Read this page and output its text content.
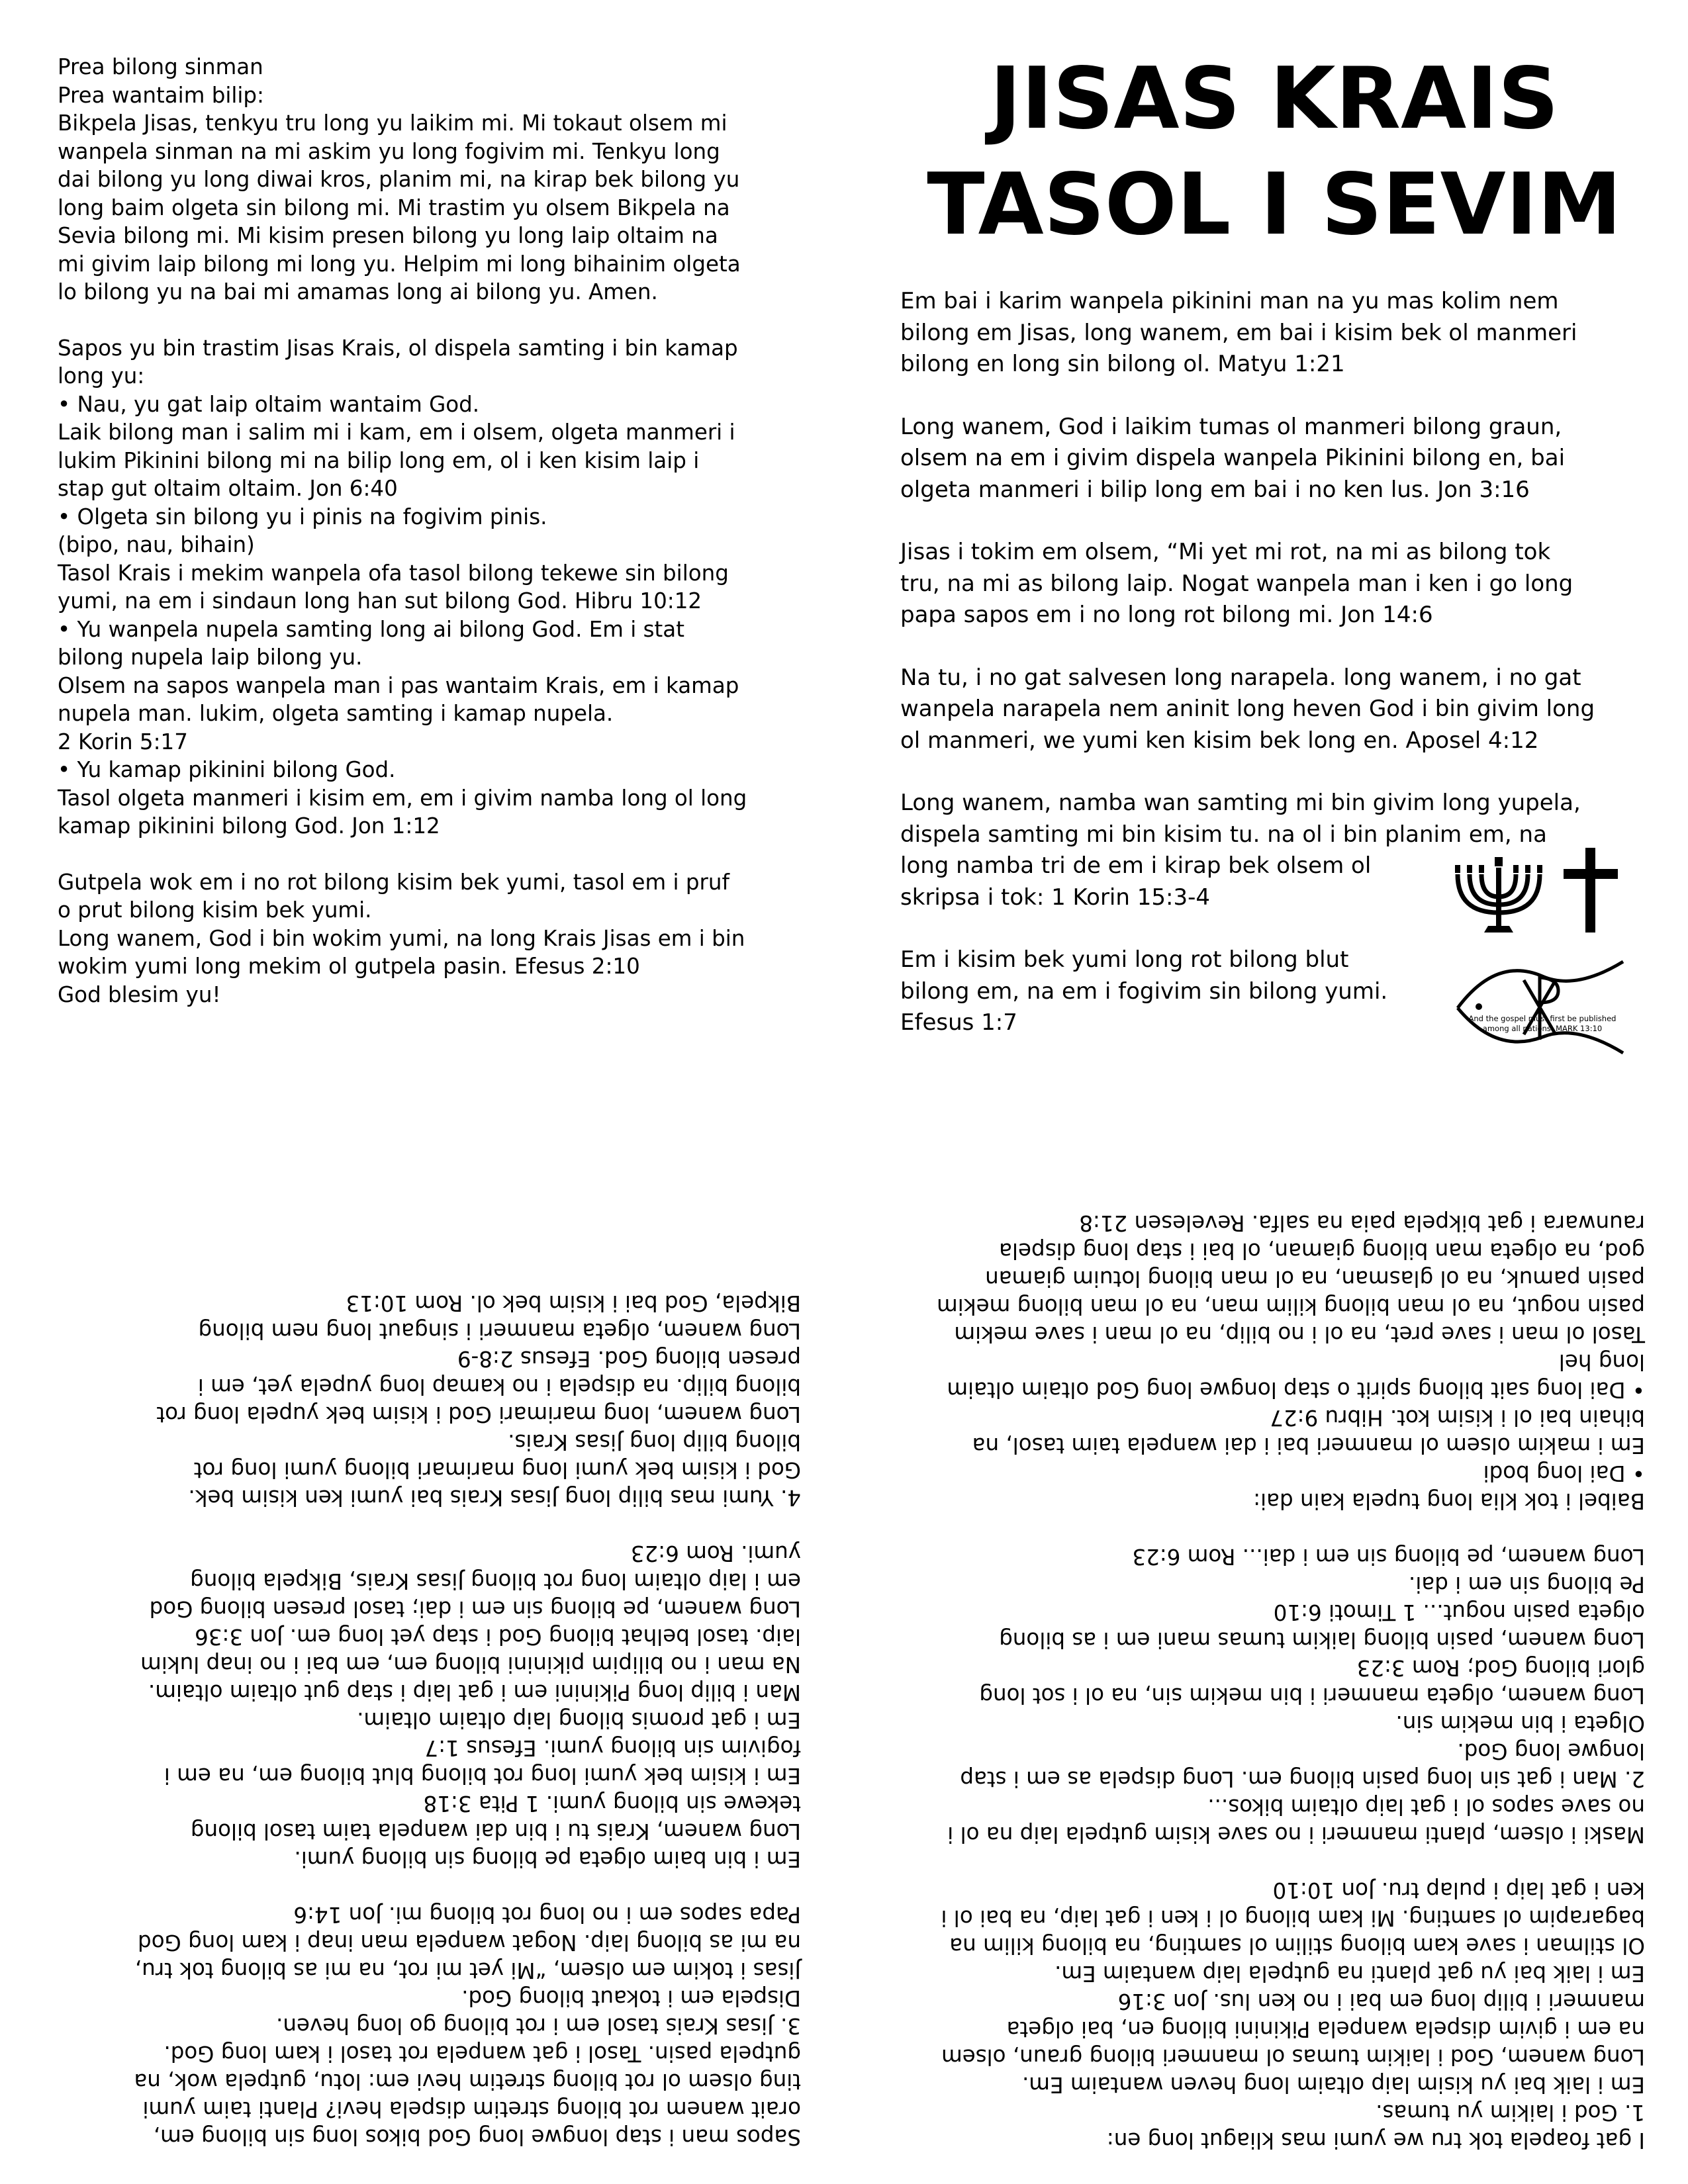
Prea bilong sinman
Prea wantaim bilip:
Bikpela Jisas, tenkyu tru long yu laikim mi. Mi tokaut olsem mi
wanpela sinman na mi askim yu long fogivim mi. Tenkyu long
dai bilong yu long diwai kros, planim mi, na kirap bek bilong yu
long baim olgeta sin bilong mi. Mi trastim yu olsem Bikpela na
Sevia bilong mi. Mi kisim presen bilong yu long laip oltaim na
mi givim laip bilong mi long yu. Helpim mi long bihainim olgeta
lo bilong yu na bai mi amamas long ai bilong yu. Amen.

Sapos yu bin trastim Jisas Krais, ol dispela samting i bin kamap
long yu:
• Nau, yu gat laip oltaim wantaim God.
Laik bilong man i salim mi i kam, em i olsem, olgeta manmeri i
lukim Pikinini bilong mi na bilip long em, ol i ken kisim laip i
stap gut oltaim oltaim. Jon 6:40
• Olgeta sin bilong yu i pinis na fogivim pinis.
(bipo, nau, bihain)
Tasol Krais i mekim wanpela ofa tasol bilong tekewe sin bilong
yumi, na em i sindaun long han sut bilong God. Hibru 10:12
• Yu wanpela nupela samting long ai bilong God. Em i stat
bilong nupela laip bilong yu.
Olsem na sapos wanpela man i pas wantaim Krais, em i kamap
nupela man. lukim, olgeta samting i kamap nupela.
2 Korin 5:17
• Yu kamap pikinini bilong God.
Tasol olgeta manmeri i kisim em, em i givim namba long ol long
kamap pikinini bilong God. Jon 1:12

Gutpela wok em i no rot bilong kisim bek yumi, tasol em i pruf
o prut bilong kisim bek yumi.
Long wanem, God i bin wokim yumi, na long Krais Jisas em i bin
wokim yumi long mekim ol gutpela pasin. Efesus 2:10
God blesim yu!

JISAS KRAIS
TASOL I SEVIM

Em bai i karim wanpela pikinini man na yu mas kolim nem
bilong em Jisas, long wanem, em bai i kisim bek ol manmeri
bilong en long sin bilong ol. Matyu 1:21

Long wanem, God i laikim tumas ol manmeri bilong graun,
olsem na em i givim dispela wanpela Pikinini bilong en, bai
olgeta manmeri i bilip long em bai i no ken lus. Jon 3:16

Jisas i tokim em olsem, “Mi yet mi rot, na mi as bilong tok
tru, na mi as bilong laip. Nogat wanpela man i ken i go long
papa sapos em i no long rot bilong mi. Jon 14:6

Na tu, i no gat salvesen long narapela. long wanem, i no gat
wanpela narapela nem aninit long heven God i bin givim long
ol manmeri, we yumi ken kisim bek long en. Aposel 4:12

Long wanem, namba wan samting mi bin givim long yupela,
dispela samting mi bin kisim tu. na ol i bin planim em, na
long namba tri de em i kirap bek olsem ol
skripsa i tok: 1 Korin 15:3-4

Em i kisim bek yumi long rot bilong blut
bilong em, na em i fogivim sin bilong yumi.
Efesus 1:7	And the gospel must first be published
among all nations. MARK 13:10

Sapos man i stap longwe long God bikos long sin bilong em,
orait wanem rot bilong stretim dispela hevi? Planti taim yumi
ting olsem ol rot bilong stretim hevi em: lotu, gutpela wok, na
gutpela pasin. Tasol i gat wanpela rot tasol i kam long God.
3. Jisas Krais tasol em i rot bilong go long heven.
Dispela em i tokaut bilong God.
Jisas i tokim em olsem, “Mi yet mi rot, na mi as bilong tok tru,
na mi as bilong laip. Nogat wanpela man inap i kam long God
Papa sapos em i no long rot bilong mi. Jon 14:6

Em i bin baim olgeta pe bilong sin bilong yumi.
Long wanem, Krais tu i bin dai wanpela taim tasol bilong
tekewe sin bilong yumi. 1 Pita 3:18
Em i kisim bek yumi long rot bilong blut bilong em, na em i
fogivim sin bilong yumi. Efesus 1:7
Em i gat promis bilong laip oltaim oltaim.
Man i bilip long Pikinini em i gat laip i stap gut oltaim oltaim.
Na man i no bilipim pikinini bilong em, em bai i no inap lukim
laip. tasol belhat bilong God i stap yet long em. Jon 3:36
Long wanem, pe bilong sin em i dai; tasol presen bilong God
em i laip oltaim long rot bilong Jisas Krais, Bikpela bilong
yumi. Rom 6:23

4. Yumi mas bilip long Jisas Krais bai yumi ken kisim bek.
God i kisim bek yumi long marimari bilong yumi long rot
bilong bilip long Jisas Krais.
Long wanem, long marimari God i kisim bek yupela long rot
bilong bilip. na dispela i no kamap long yupela yet, em i
presen bilong God. Efesus 2:8-9
Long wanem, olgeta manmeri i singaut long nem bilong
Bikpela, God bai i kisim bek ol. Rom 10:13

I gat foapela tok tru we yumi mas kliagut long en:
1. God i laikim yu tumas.
Em i laik bai yu kisim laip oltaim long heven wantaim Em.
Long wanem, God i laikim tumas ol manmeri bilong graun, olsem
na em i givim dispela wanpela Pikinini bilong en, bai olgeta
manmeri i bilip long em bai i no ken lus. Jon 3:16
Em i laik bai yu gat planti na gutpela laip wantaim Em.
Ol stilman i save kam bilong stilim ol samting, na bilong kilim na
bagarapim ol samting. Mi kam bilong ol i ken i gat laip, na bai ol i
ken i gat laip i pulap tru. Jon 10:10

Maski i olsem, planti manmeri i no save kisim gutpela laip na ol i
no save sapos ol i gat laip oltaim bikos...
2. Man i gat sin long pasin bilong em. Long dispela as em i stap
longwe long God.
Olgeta i bin mekim sin.
Long wanem, olgeta manmeri i bin mekim sin, na ol i sot long
glori bilong God; Rom 3:23
Long wanem, pasin bilong laikim tumas mani em i as bilong
olgeta pasin nogut... 1 Timoti 6:10
Pe bilong sin em i dai.
Long wanem, pe bilong sin em i dai... Rom 6:23

Baibel i tok klia long tupela kain dai:
• Dai long bodi
Em i makim olsem ol manmeri bai i dai wanpela taim tasol, na
bihain bai ol i kisim kot. Hibru 9:27
• Dai long sait bilong spirit o stap longwe long God oltaim oltaim
long hel
Tasol ol man i save pret, na ol i no bilip, na ol man i save mekim
pasin nogut, na ol man bilong kilim man, na ol man bilong mekim
pasin pamuk, na ol glasman, na ol man bilong lotuim giaman
god, na olgeta man bilong giaman, ol bai i stap long dispela
raunwara i gat bikpela paia na salfa. Revelesen 21:8
